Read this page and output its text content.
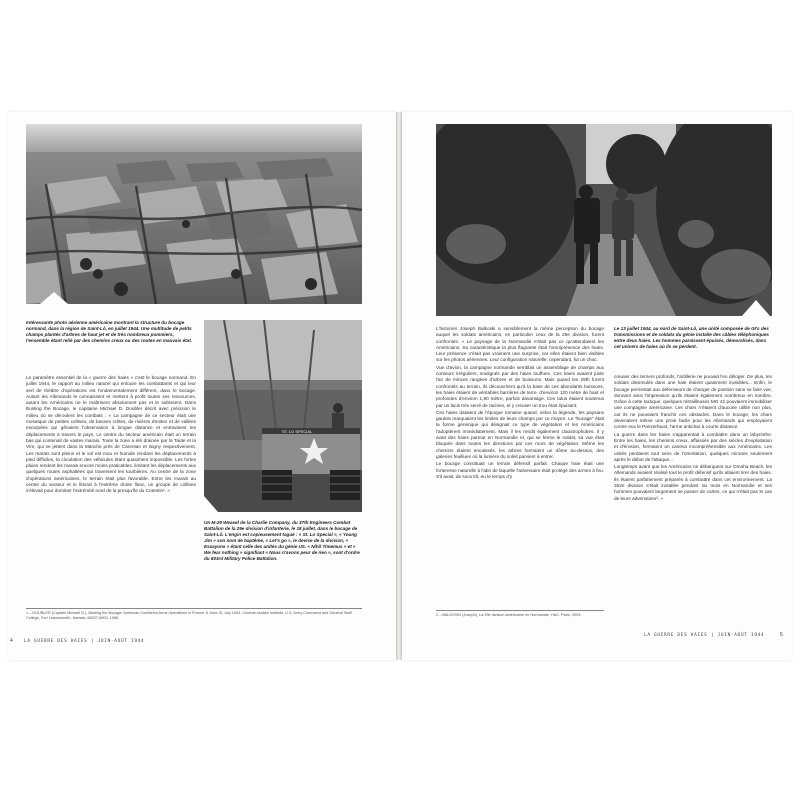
Intéressante photo aérienne américaine montrant la structure du bocage normand, dans la région de Saint-Lô, en juillet 1944. Une multitude de petits champs plantés d'arbres de haut jet et de très nombreux pommiers, l'ensemble étant relié par des chemins creux ou des routes en mauvais état.

Le paramètre essentiel de la « guerre des haies » c'est le bocage normand. En juillet 1944, le rapport au milieu naturel qui entoure les combattants et qui leur sert de théâtre d'opérations est fondamentalement différent, dans le bocage. Autant les Allemands le connaissent et mettent à profit toutes ses ressources, autant les Américains ne le maîtrisent absolument pas et le subissent. Dans Busting the Bocage, le capitaine Michael D. Doubler décrit avec précision le milieu où se déroulent les combats : « La campagne de ce secteur était une mosaïque de petites collines, de basses crêtes, de rivières étroites et de vallées escarpées qui gênaient l'observation à longue distance et entravaient les déplacements à travers le pays. Le centre du secteur américain était un terrain bas qui contenait de vastes marais. Toute la zone a été drainée par la Taute et la Vire, qui se jettent dans la Manche près de Carentan et Isigny respectivement. Les marais sont pleins et le sol est mou et humide rendant les déplacements à pied difficiles, la circulation des véhicules étant quasiment impossible. Les fortes pluies rendent les marais encore moins praticables, limitant les déplacements aux quelques routes asphaltées qui traversent les tourbières. Au centre de la zone d'opérations américaines, le terrain était plus favorable. Entre les marais au centre du secteur et le littoral à l'extrême droite flanc, un groupe de collines s'élevait pour dominer l'extrémité nord de la presqu'île du Cotentin¹. »

ST. LO SPECIAL

Un M-29 Weasel de la Charlie Company, du 37th Engineers Combat Battalion de la 29e division d'infanterie, le 18 juillet, dans le bocage de Saint-Lô. L'engin est copieusement tagué : « St. Lo Special », « Young Jim » son nom de baptême, « Let's go », le devise de la division, « Essayons » étant celle des unités du génie US. « Nihil Timemus » et « We fear nothing » signifiant « Nous n'avons peur de rien », sont d'ordre du 803rd Military Police Battalion.

1 – DOUBLER (Captain Michael D.), Busting the Bocage: American Combined Arms Operations in France, 6 June-31 July 1944, Combat studies Institute, U.S. Army Command and General Staff College, Fort Leavenworth, Kansas, 66027-6900, 1988.

4	LA GUERRE DES HAIES | JUIN-AOÛT 1944

L'historien Joseph Balkoski a sensiblement la même perception du bocage auquel les soldats américains, en particulier ceux de la 29e division, furent confrontés. « Le paysage de la Normandie n'était pas ce qu'attendaient les Américains. Sa caractéristique la plus flagrante était l'omniprésence des haies. Leur présence n'était pas vraiment une surprise, car elles étaient bien visibles sur les photos aériennes. Leur configuration naturelle, cependant, fut un choc.

Vue d'avion, la campagne normande semblait un assemblage de champs aux contours irréguliers, soulignés par des haies touffues. Ces haies avaient juste l'air de minces rangées d'arbres et de buissons. Mais quand les 29th furent confrontés au terrain, ils découvrirent qu'à la base de ces abondants buissons, les haies étaient de véritables barrières de terre, d'environ 120 mètre de haut et profondes d'environ 1,80 mètre, parfois davantage. Ces talus étaient soutenus par un lacis très serré de racines, et y creuser un trou était épuisant.

Ces haies dataient de l'époque romaine quand, selon la légende, les paysans gaulois marquaient les limites de leurs champs par ce moyen. Le "bocage" était la forme générique qui désignait ce type de végétation et les Américains l'adoptèrent immédiatement. Mais il les rendit également claustrophobes. Il y avait des haies partout en Normandie et, qui se ferme le soldat, sa vue était bloquée dans toutes les directions par ces murs de végétation. Même les chemins étaient encaissés, les arbres formaient un dôme au-dessus, des galeries feuillues où la lumière du soleil parvient à entrer.

Le bocage constituait un terrain défensif parfait. Chaque haie était une forteresse naturelle à l'abri de laquelle l'adversaire était protégé des armes à feu. S'il avait, de surcroît, eu le temps d'y

Le 13 juillet 1944, au nord de Saint-Lô, une unité composée de GI's des transmissions et de soldats du génie installe des câbles téléphoniques entre deux haies. Les hommes paraissent épuisés, démoralisés, dans cet univers de haies où ils se perdent.

creuser des terriers profonds, l'artillerie ne pouvait l'en déloger. De plus, les soldats dissimulés dans une haie étaient quasiment invisibles... Enfin, le bocage permettait aux défenseurs de changer de position sans se faire voir, donnant ainsi l'impression qu'ils étaient également nombreux en nombre. Grâce à cette tactique, quelques mitrailleuses MG 42 pouvaient immobiliser une compagnie américaine. Les chars n'étaient d'aucune utilité non plus, car ils ne pouvaient franchir ces obstacles. Dans le bocage, les chars devenaient même une proie facile pour les Allemands qui employaient contre eux le Panzerfaust, l'arme antichar à courte distance.

La guerre dans les haies s'apparentait à combattre dans un labyrinthe. Entre les haies, les chemins creux, affaissés par des siècles d'exploitation et d'érosion, formaient un caneva incompréhensible aux Américains. Les unités perdaient tout sens de l'orientation, quelques minutes seulement après le début de l'attaque...

Longtemps avant que les Américains ne débarquent sur Omaha Beach, les Allemands avaient réalisé tout le profit défensif qu'ils allaient tirer des haies. Ils étaient parfaitement préparés à combattre dans cet environnement. La 352e division s'était installée pendant six mois en Normandie et ses hommes pouvaient largement se passer de cartes, ce qui n'était pas le cas de leurs adversaires². »

2 – BALKOSKI (Joseph), La 29e division américaine en Normandie, H&C, Paris, 2003.

LA GUERRE DES HAIES | JUIN-AOÛT 1944	5
